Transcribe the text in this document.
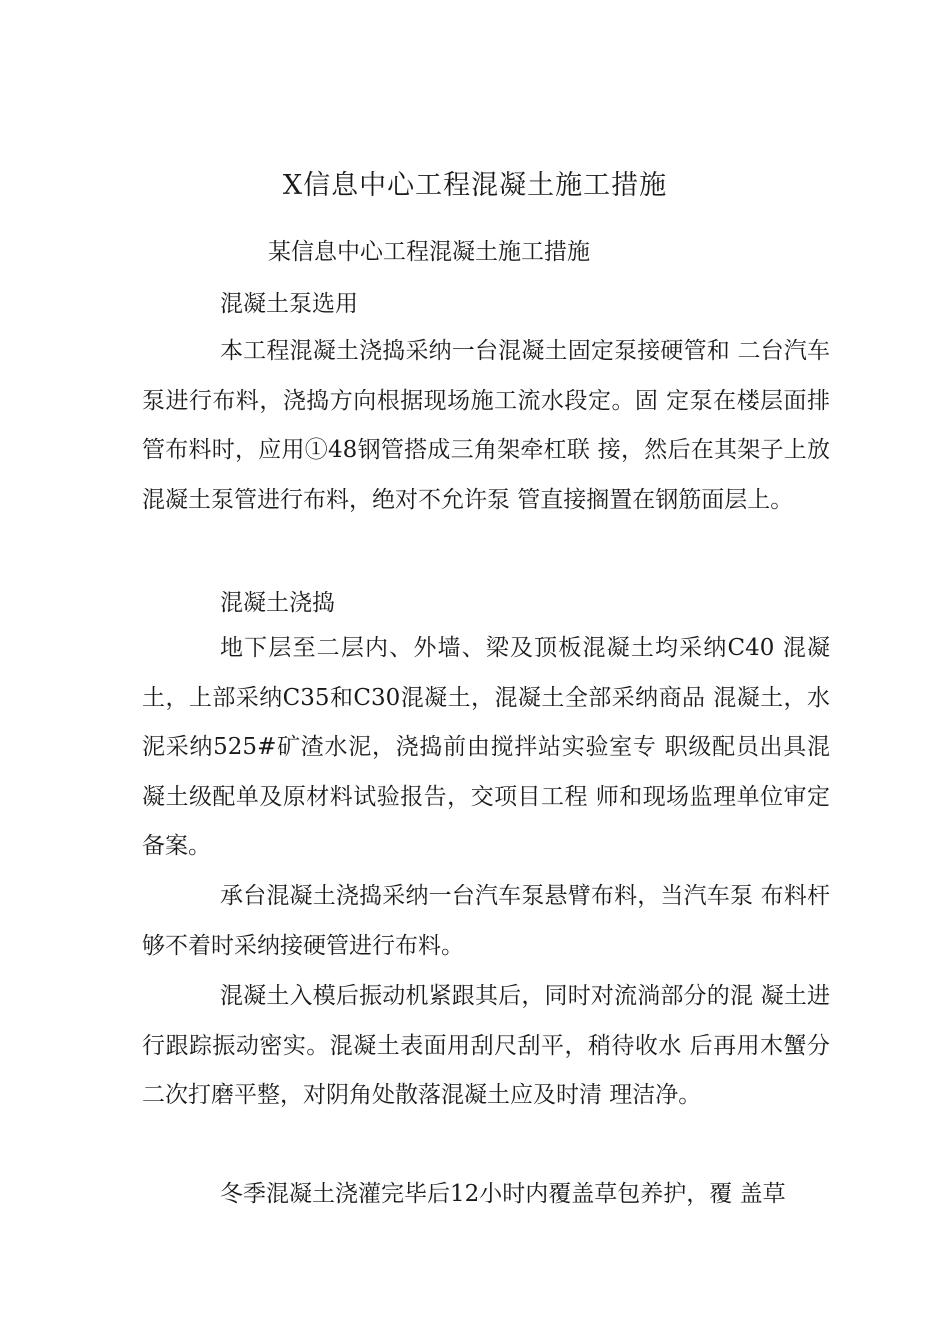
X信息中心工程混凝土施工措施
某信息中心工程混凝土施工措施
混凝土泵选用

本工程混凝土浇捣采纳一台混凝土固定泵接硬管和 二台汽车泵进行布料，浇捣方向根据现场施工流水段定。固 定泵在楼层面排管布料时，应用①48钢管搭成三角架牵杠联 接，然后在其架子上放混凝土泵管进行布料，绝对不允许泵 管直接搁置在钢筋面层上。

混凝土浇捣

地下层至二层内、外墙、梁及顶板混凝土均采纳C40 混凝土，上部采纳C35和C30混凝土，混凝土全部采纳商品 混凝土，水泥采纳525#矿渣水泥，浇捣前由搅拌站实验室专 职级配员出具混凝土级配单及原材料试验报告，交项目工程 师和现场监理单位审定备案。

承台混凝土浇捣采纳一台汽车泵悬臂布料，当汽车泵 布料杆够不着时采纳接硬管进行布料。

混凝土入模后振动机紧跟其后，同时对流淌部分的混 凝土进行跟踪振动密实。混凝土表面用刮尺刮平，稍待收水 后再用木蟹分二次打磨平整，对阴角处散落混凝土应及时清 理洁净。

冬季混凝土浇灌完毕后12小时内覆盖草包养护，覆 盖草
